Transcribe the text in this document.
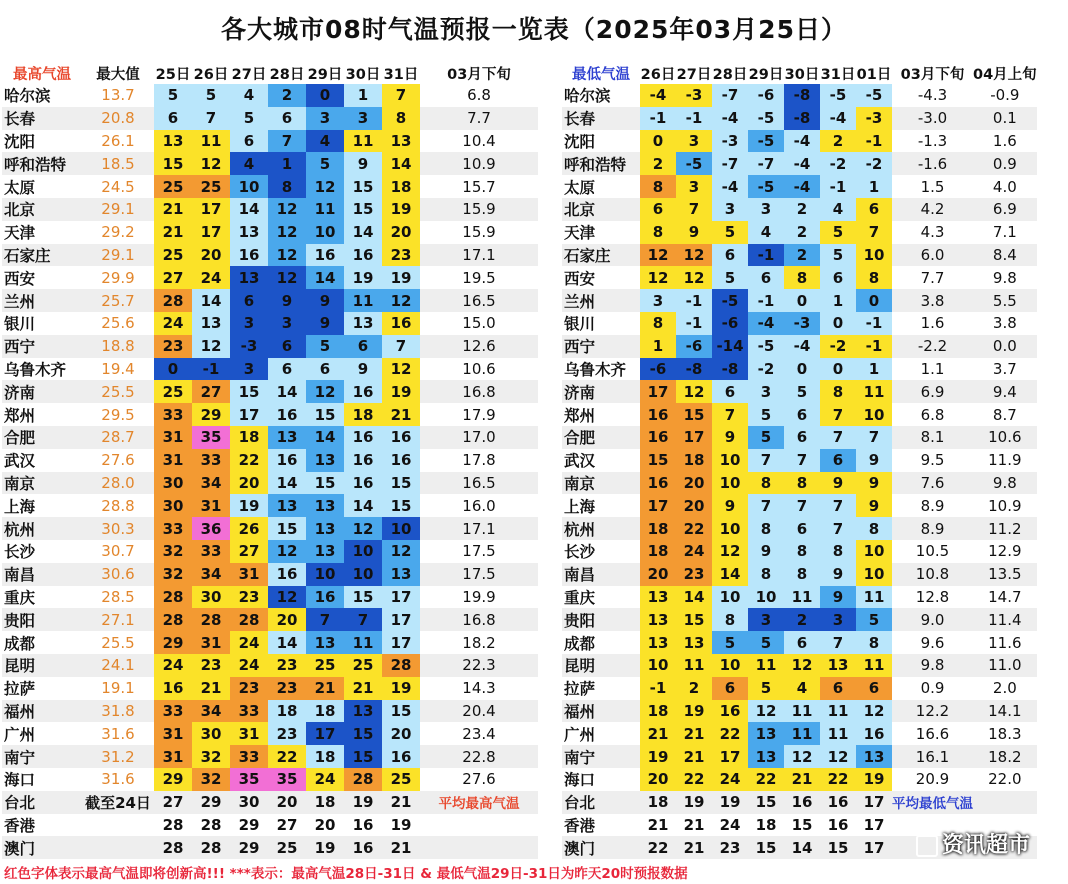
各大城市08时气温预报一览表（2025年03月25日）
最高气温	最大值	25日	26日	27日	28日	29日	30日	31日	03月下旬
哈尔滨	13.7	5	5	4	2	0	1	7	6.8
长春	20.8	6	7	5	6	3	3	8	7.7
沈阳	26.1	13	11	6	7	4	11	13	10.4
呼和浩特	18.5	15	12	4	1	5	9	14	10.9
太原	24.5	25	25	10	8	12	15	18	15.7
北京	29.1	21	17	14	12	11	15	19	15.9
天津	29.2	21	17	13	12	10	14	20	15.9
石家庄	29.1	25	20	16	12	16	16	23	17.1
西安	29.9	27	24	13	12	14	19	19	19.5
兰州	25.7	28	14	6	9	9	11	12	16.5
银川	25.6	24	13	3	3	9	13	16	15.0
西宁	18.8	23	12	-3	6	5	6	7	12.6
乌鲁木齐	19.4	0	-1	3	6	6	9	12	10.6
济南	25.5	25	27	15	14	12	16	19	16.8
郑州	29.5	33	29	17	16	15	18	21	17.9
合肥	28.7	31	35	18	13	14	16	16	17.0
武汉	27.6	31	33	22	16	13	16	16	17.8
南京	28.0	30	34	20	14	15	16	15	16.5
上海	28.8	30	31	19	13	13	14	15	16.0
杭州	30.3	33	36	26	15	13	12	10	17.1
长沙	30.7	32	33	27	12	13	10	12	17.5
南昌	30.6	32	34	31	16	10	10	13	17.5
重庆	28.5	28	30	23	12	16	15	17	19.9
贵阳	27.1	28	28	28	20	7	7	17	16.8
成都	25.5	29	31	24	14	13	11	17	18.2
昆明	24.1	24	23	24	23	25	25	28	22.3
拉萨	19.1	16	21	23	23	21	21	19	14.3
福州	31.8	33	34	33	18	18	13	15	20.4
广州	31.6	31	30	31	23	17	15	20	23.4
南宁	31.2	31	32	33	22	18	15	16	22.8
海口	31.6	29	32	35	35	24	28	25	27.6
台北	截至24日	27	29	30	20	18	19	21	平均最高气温
香港		28	28	29	27	20	16	19	
澳门		28	28	29	25	19	16	21	
最低气温	26日	27日	28日	29日	30日	31日	01日	03月下旬	04月上旬
哈尔滨	-4	-3	-7	-6	-8	-5	-5	-4.3	-0.9
长春	-1	-1	-4	-5	-8	-4	-3	-3.0	0.1
沈阳	0	3	-3	-5	-4	2	-1	-1.3	1.6
呼和浩特	2	-5	-7	-7	-4	-2	-2	-1.6	0.9
太原	8	3	-4	-5	-4	-1	1	1.5	4.0
北京	6	7	3	3	2	4	6	4.2	6.9
天津	8	9	5	4	2	5	7	4.3	7.1
石家庄	12	12	6	-1	2	5	10	6.0	8.4
西安	12	12	5	6	8	6	8	7.7	9.8
兰州	3	-1	-5	-1	0	1	0	3.8	5.5
银川	8	-1	-6	-4	-3	0	-1	1.6	3.8
西宁	1	-6	-14	-5	-4	-2	-1	-2.2	0.0
乌鲁木齐	-6	-8	-8	-2	0	0	1	1.1	3.7
济南	17	12	6	3	5	8	11	6.9	9.4
郑州	16	15	7	5	6	7	10	6.8	8.7
合肥	16	17	9	5	6	7	7	8.1	10.6
武汉	15	18	10	7	7	6	9	9.5	11.9
南京	16	20	10	8	8	9	9	7.6	9.8
上海	17	20	9	7	7	7	9	8.9	10.9
杭州	18	22	10	8	6	7	8	8.9	11.2
长沙	18	24	12	9	8	8	10	10.5	12.9
南昌	20	23	14	8	8	9	10	10.8	13.5
重庆	13	14	10	10	11	9	11	12.8	14.7
贵阳	13	15	8	3	2	3	5	9.0	11.4
成都	13	13	5	5	6	7	8	9.6	11.6
昆明	10	11	10	11	12	13	11	9.8	11.0
拉萨	-1	2	6	5	4	6	6	0.9	2.0
福州	18	19	16	12	11	11	12	12.2	14.1
广州	21	21	22	13	11	11	16	16.6	18.3
南宁	19	21	17	13	12	12	13	16.1	18.2
海口	20	22	24	22	21	22	19	20.9	22.0
台北	18	19	19	15	16	16	17	平均最低气温	
香港	21	21	24	18	15	16	17		
澳门	22	21	23	15	14	15	17		
红色字体表示最高气温即将创新高!!! ***表示：最高气温28日-31日 & 最低气温29日-31日为昨天20时预报数据
资讯超市
